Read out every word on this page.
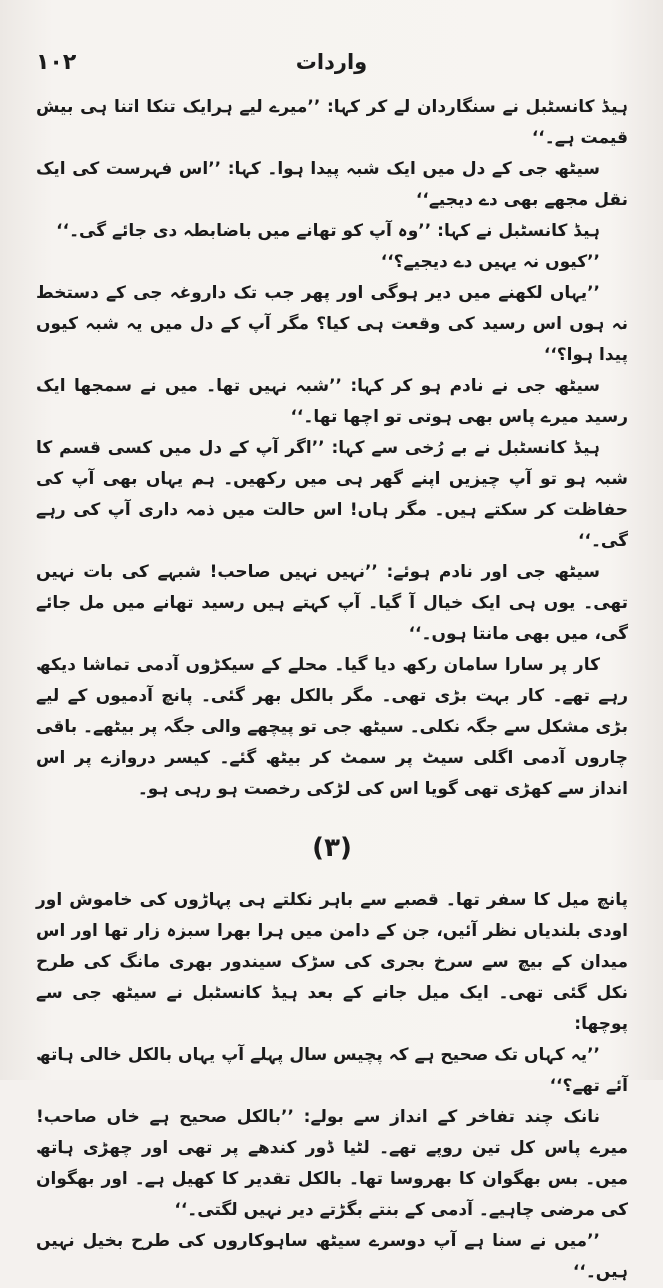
١٠٢	واردات

ہیڈ کانسٹبل نے سنگاردان لے کر کہا: ’’میرے لیے ہرایک تنکا اتنا ہی بیش قیمت ہے۔‘‘

سیٹھ جی کے دل میں ایک شبہ پیدا ہوا۔ کہا: ’’اس فہرست کی ایک نقل مجھے بھی دے دیجیے‘‘

ہیڈ کانسٹبل نے کہا: ’’وہ آپ کو تھانے میں باضابطہ دی جائے گی۔‘‘

’’کیوں نہ یہیں دے دیجیے؟‘‘

’’یہاں لکھنے میں دیر ہوگی اور پھر جب تک داروغہ جی کے دستخط نہ ہوں اس رسید کی وقعت ہی کیا؟ مگر آپ کے دل میں یہ شبہ کیوں پیدا ہوا؟‘‘

سیٹھ جی نے نادم ہو کر کہا: ’’شبہ نہیں تھا۔ میں نے سمجھا ایک رسید میرے پاس بھی ہوتی تو اچھا تھا۔‘‘

ہیڈ کانسٹبل نے بے رُخی سے کہا: ’’اگر آپ کے دل میں کسی قسم کا شبہ ہو تو آپ چیزیں اپنے گھر ہی میں رکھیں۔ ہم یہاں بھی آپ کی حفاظت کر سکتے ہیں۔ مگر ہاں! اس حالت میں ذمہ داری آپ کی رہے گی۔‘‘

سیٹھ جی اور نادم ہوئے: ’’نہیں نہیں صاحب! شبہے کی بات نہیں تھی۔ یوں ہی ایک خیال آ گیا۔ آپ کہتے ہیں رسید تھانے میں مل جائے گی، میں بھی مانتا ہوں۔‘‘

کار پر سارا سامان رکھ دیا گیا۔ محلے کے سیکڑوں آدمی تماشا دیکھ رہے تھے۔ کار بہت بڑی تھی۔ مگر بالکل بھر گئی۔ پانچ آدمیوں کے لیے بڑی مشکل سے جگہ نکلی۔ سیٹھ جی تو پیچھے والی جگہ پر بیٹھے۔ باقی چاروں آدمی اگلی سیٹ پر سمٹ کر بیٹھ گئے۔ کیسر دروازے پر اس انداز سے کھڑی تھی گویا اس کی لڑکی رخصت ہو رہی ہو۔

(٣)

پانچ میل کا سفر تھا۔ قصبے سے باہر نکلتے ہی پہاڑوں کی خاموش اور اودی بلندیاں نظر آئیں، جن کے دامن میں ہرا بھرا سبزہ زار تھا اور اس میدان کے بیچ سے سرخ بجری کی سڑک سیندور بھری مانگ کی طرح نکل گئی تھی۔ ایک میل جانے کے بعد ہیڈ کانسٹبل نے سیٹھ جی سے پوچھا:

’’یہ کہاں تک صحیح ہے کہ پچیس سال پہلے آپ یہاں بالکل خالی ہاتھ آئے تھے؟‘‘

نانک چند تفاخر کے انداز سے بولے: ’’بالکل صحیح ہے خاں صاحب! میرے پاس کل تین روپے تھے۔ لٹیا ڈور کندھے پر تھی اور چھڑی ہاتھ میں۔ بس بھگوان کا بھروسا تھا۔ بالکل تقدیر کا کھیل ہے۔ اور بھگوان کی مرضی چاہیے۔ آدمی کے بنتے بگڑتے دیر نہیں لگتی۔‘‘

’’میں نے سنا ہے آپ دوسرے سیٹھ ساہوکاروں کی طرح بخیل نہیں ہیں۔‘‘
